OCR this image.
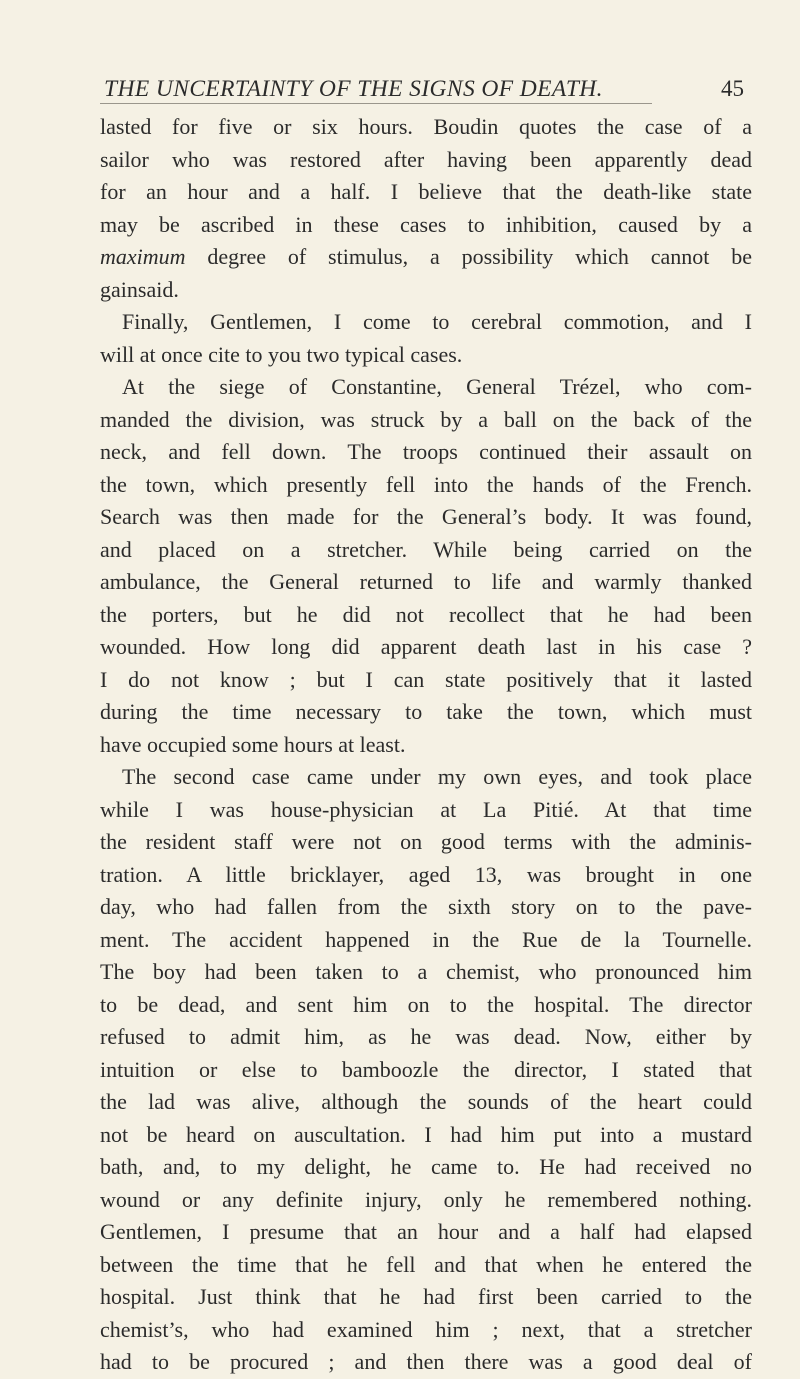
THE UNCERTAINTY OF THE SIGNS OF DEATH.	45
lasted for five or six hours. Boudin quotes the case of a
sailor who was restored after having been apparently dead
for an hour and a half. I believe that the death-like state
may be ascribed in these cases to inhibition, caused by a
maximum degree of stimulus, a possibility which cannot be
gainsaid.
Finally, Gentlemen, I come to cerebral commotion, and I
will at once cite to you two typical cases.
At the siege of Constantine, General Trézel, who com-
manded the division, was struck by a ball on the back of the
neck, and fell down. The troops continued their assault on
the town, which presently fell into the hands of the French.
Search was then made for the General’s body. It was found,
and placed on a stretcher. While being carried on the
ambulance, the General returned to life and warmly thanked
the porters, but he did not recollect that he had been
wounded. How long did apparent death last in his case ?
I do not know ; but I can state positively that it lasted
during the time necessary to take the town, which must
have occupied some hours at least.
The second case came under my own eyes, and took place
while I was house-physician at La Pitié. At that time
the resident staff were not on good terms with the adminis-
tration. A little bricklayer, aged 13, was brought in one
day, who had fallen from the sixth story on to the pave-
ment. The accident happened in the Rue de la Tournelle.
The boy had been taken to a chemist, who pronounced him
to be dead, and sent him on to the hospital. The director
refused to admit him, as he was dead. Now, either by
intuition or else to bamboozle the director, I stated that
the lad was alive, although the sounds of the heart could
not be heard on auscultation. I had him put into a mustard
bath, and, to my delight, he came to. He had received no
wound or any definite injury, only he remembered nothing.
Gentlemen, I presume that an hour and a half had elapsed
between the time that he fell and that when he entered the
hospital. Just think that he had first been carried to the
chemist’s, who had examined him ; next, that a stretcher
had to be procured ; and then there was a good deal of
